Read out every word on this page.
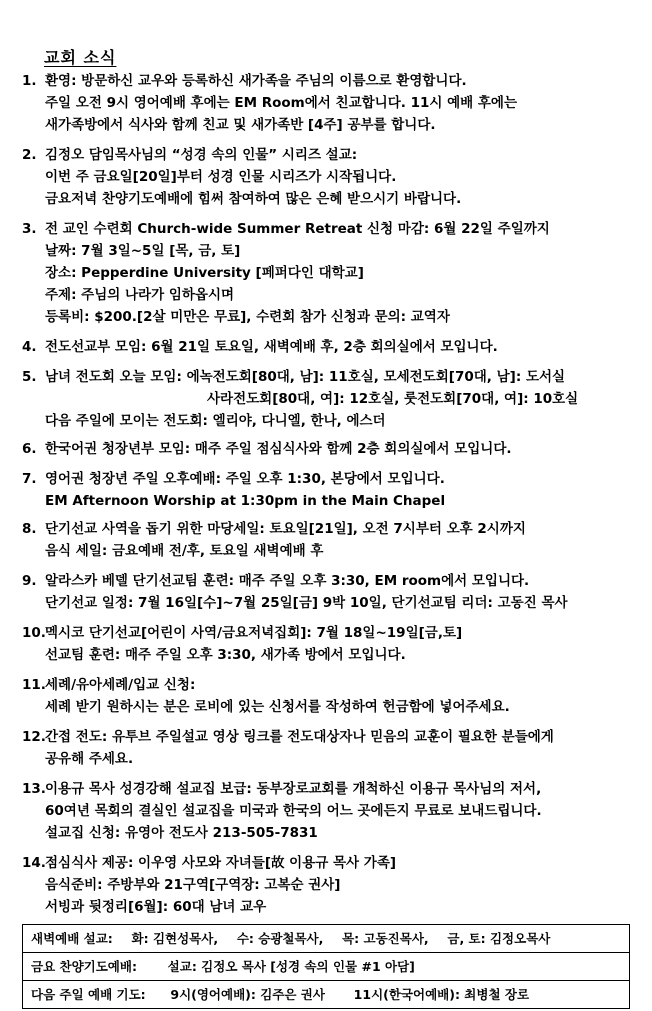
교회 소식
1. 환영: 방문하신 교우와 등록하신 새가족을 주님의 이름으로 환영합니다.
주일 오전 9시 영어예배 후에는 EM Room에서 친교합니다. 11시 예배 후에는
새가족방에서 식사와 함께 친교 및 새가족반 [4주] 공부를 합니다.
2. 김정오 담임목사님의 “성경 속의 인물” 시리즈 설교:
이번 주 금요일[20일]부터 성경 인물 시리즈가 시작됩니다.
금요저녁 찬양기도예배에 힘써 참여하여 많은 은혜 받으시기 바랍니다.
3. 전 교인 수련회 Church-wide Summer Retreat 신청 마감: 6월 22일 주일까지
날짜: 7월 3일~5일 [목, 금, 토]
장소: Pepperdine University [페퍼다인 대학교]
주제: 주님의 나라가 임하옵시며
등록비: $200.[2살 미만은 무료], 수련회 참가 신청과 문의: 교역자
4. 전도선교부 모임: 6월 21일 토요일, 새벽예배 후, 2층 회의실에서 모입니다.
5. 남녀 전도회 오늘 모임: 에녹전도회[80대, 남]: 11호실, 모세전도회[70대, 남]: 도서실
사라전도회[80대, 여]: 12호실, 룻전도회[70대, 여]: 10호실
다음 주일에 모이는 전도회: 엘리야, 다니엘, 한나, 에스더
6. 한국어권 청장년부 모임: 매주 주일 점심식사와 함께 2층 회의실에서 모입니다.
7. 영어권 청장년 주일 오후예배: 주일 오후 1:30, 본당에서 모입니다.
EM Afternoon Worship at 1:30pm in the Main Chapel
8. 단기선교 사역을 돕기 위한 마당세일: 토요일[21일], 오전 7시부터 오후 2시까지
음식 세일: 금요예배 전/후, 토요일 새벽예배 후
9. 알라스카 베델 단기선교팀 훈련: 매주 주일 오후 3:30, EM room에서 모입니다.
단기선교 일정: 7월 16일[수]~7월 25일[금] 9박 10일, 단기선교팀 리더: 고동진 목사
10. 멕시코 단기선교[어린이 사역/금요저녁집회]: 7월 18일~19일[금,토]
선교팀 훈련: 매주 주일 오후 3:30, 새가족 방에서 모입니다.
11. 세례/유아세례/입교 신청:
세례 받기 원하시는 분은 로비에 있는 신청서를 작성하여 헌금함에 넣어주세요.
12. 간접 전도: 유투브 주일설교 영상 링크를 전도대상자나 믿음의 교훈이 필요한 분들에게
공유해 주세요.
13. 이용규 목사 성경강해 설교집 보급: 동부장로교회를 개척하신 이용규 목사님의 저서,
60여년 목회의 결실인 설교집을 미국과 한국의 어느 곳에든지 무료로 보내드립니다.
설교집 신청: 유영아 전도사 213-505-7831
14. 점심식사 제공: 이우영 사모와 자녀들[故 이용규 목사 가족]
음식준비: 주방부와 21구역[구역장: 고복순 권사]
서빙과 뒷정리[6월]: 60대 남녀 교우
새벽예배 설교: 화: 김현성목사, 수: 승광철목사, 목: 고동진목사, 금, 토: 김정오목사
금요 찬양기도예배: 설교: 김정오 목사 [성경 속의 인물 #1 아담]
다음 주일 예배 기도: 9시(영어예배): 김주은 권사 11시(한국어예배): 최병철 장로
